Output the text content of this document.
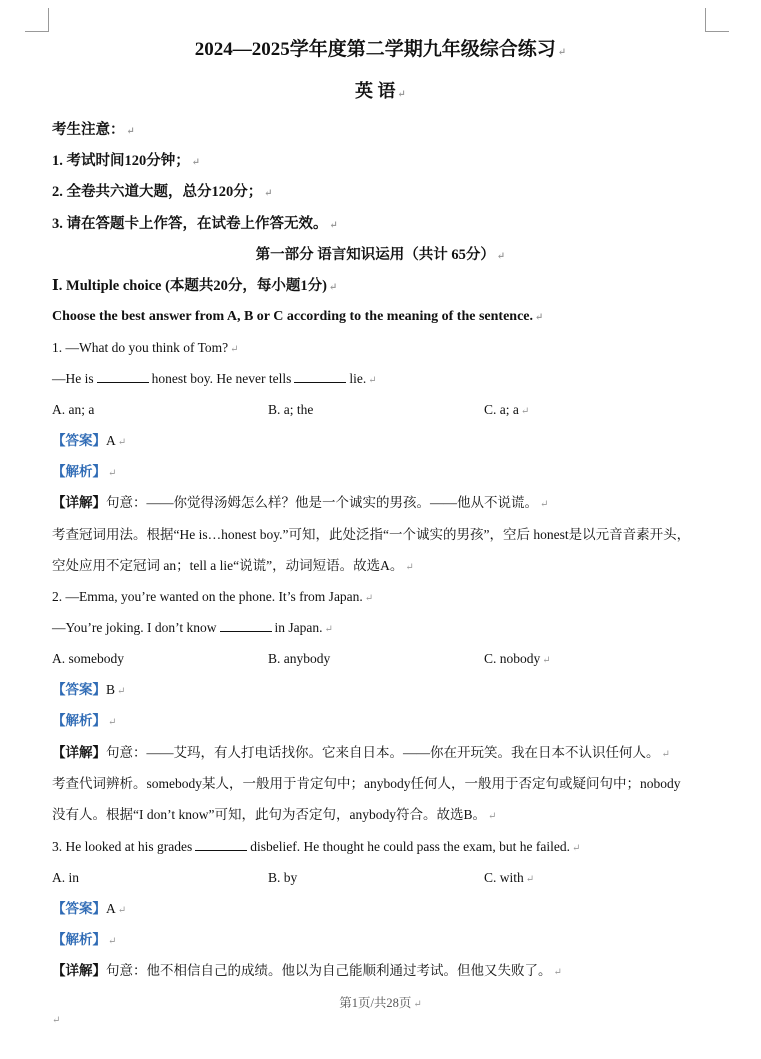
2024—2025学年度第二学期九年级综合练习 ↵
英 语 ↵
考生注意： ↵
1. 考试时间120分钟； ↵
2. 全卷共六道大题，总分120分； ↵
3. 请在答题卡上作答，在试卷上作答无效。 ↵
第一部分 语言知识运用（共计 65分） ↵
Ⅰ. Multiple choice (本题共20分，每小题1分) ↵
Choose the best answer from A, B or C according to the meaning of the sentence. ↵
1. —What do you think of Tom? ↵
—He is	honest boy. He never tells	lie. ↵
A. an; a	B. a; the	C. a; a ↵
【答案】A ↵
【解析】 ↵
【详解】句意：——你觉得汤姆怎么样？他是一个诚实的男孩。——他从不说谎。 ↵
考查冠词用法。根据“He is…honest boy.”可知，此处泛指“一个诚实的男孩”，空后 honest是以元音音素开头，
空处应用不定冠词 an；tell a lie“说谎”，动词短语。故选A。 ↵
2. —Emma, you’re wanted on the phone. It’s from Japan. ↵
—You’re joking. I don’t know	in Japan. ↵
A. somebody	B. anybody	C. nobody ↵
【答案】B ↵
【解析】 ↵
【详解】句意：——艾玛，有人打电话找你。它来自日本。——你在开玩笑。我在日本不认识任何人。 ↵
考查代词辨析。somebody某人，一般用于肯定句中；anybody任何人，一般用于否定句或疑问句中；nobody
没有人。根据“I don’t know”可知，此句为否定句，anybody符合。故选B。 ↵
3. He looked at his grades	disbelief. He thought he could pass the exam, but he failed. ↵
A. in	B. by	C. with ↵
【答案】A ↵
【解析】 ↵
【详解】句意：他不相信自己的成绩。他以为自己能顺利通过考试。但他又失败了。 ↵
第1页/共28页 ↵
↵
